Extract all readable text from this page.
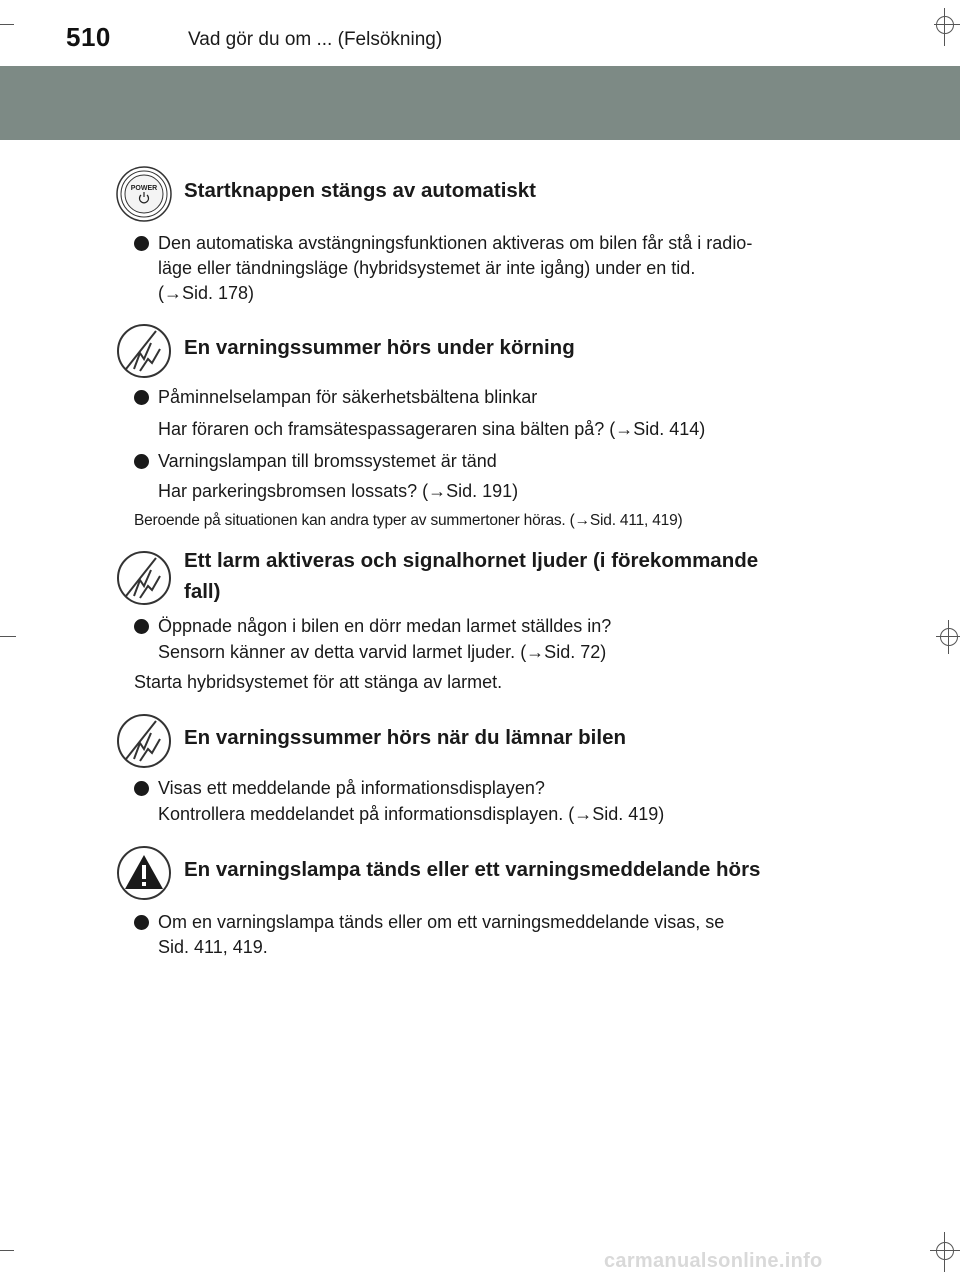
510	Vad gör du om ... (Felsökning)
POWER Startknappen stängs av automatiskt
Den automatiska avstängningsfunktionen aktiveras om bilen får stå i radio-
läge eller tändningsläge (hybridsystemet är inte igång) under en tid.
(→Sid. 178)
En varningssummer hörs under körning
Påminnelselampan för säkerhetsbältena blinkar
Har föraren och framsätespassageraren sina bälten på? (→Sid. 414)
Varningslampan till bromssystemet är tänd
Har parkeringsbromsen lossats? (→Sid. 191)
Beroende på situationen kan andra typer av summertoner höras. (→Sid. 411, 419)
Ett larm aktiveras och signalhornet ljuder (i förekommande
fall)
Öppnade någon i bilen en dörr medan larmet ställdes in?
Sensorn känner av detta varvid larmet ljuder. (→Sid. 72)
Starta hybridsystemet för att stänga av larmet.
En varningssummer hörs när du lämnar bilen
Visas ett meddelande på informationsdisplayen?
Kontrollera meddelandet på informationsdisplayen. (→Sid. 419)
En varningslampa tänds eller ett varningsmeddelande hörs
Om en varningslampa tänds eller om ett varningsmeddelande visas, se
Sid. 411, 419.
carmanualsonline.info
